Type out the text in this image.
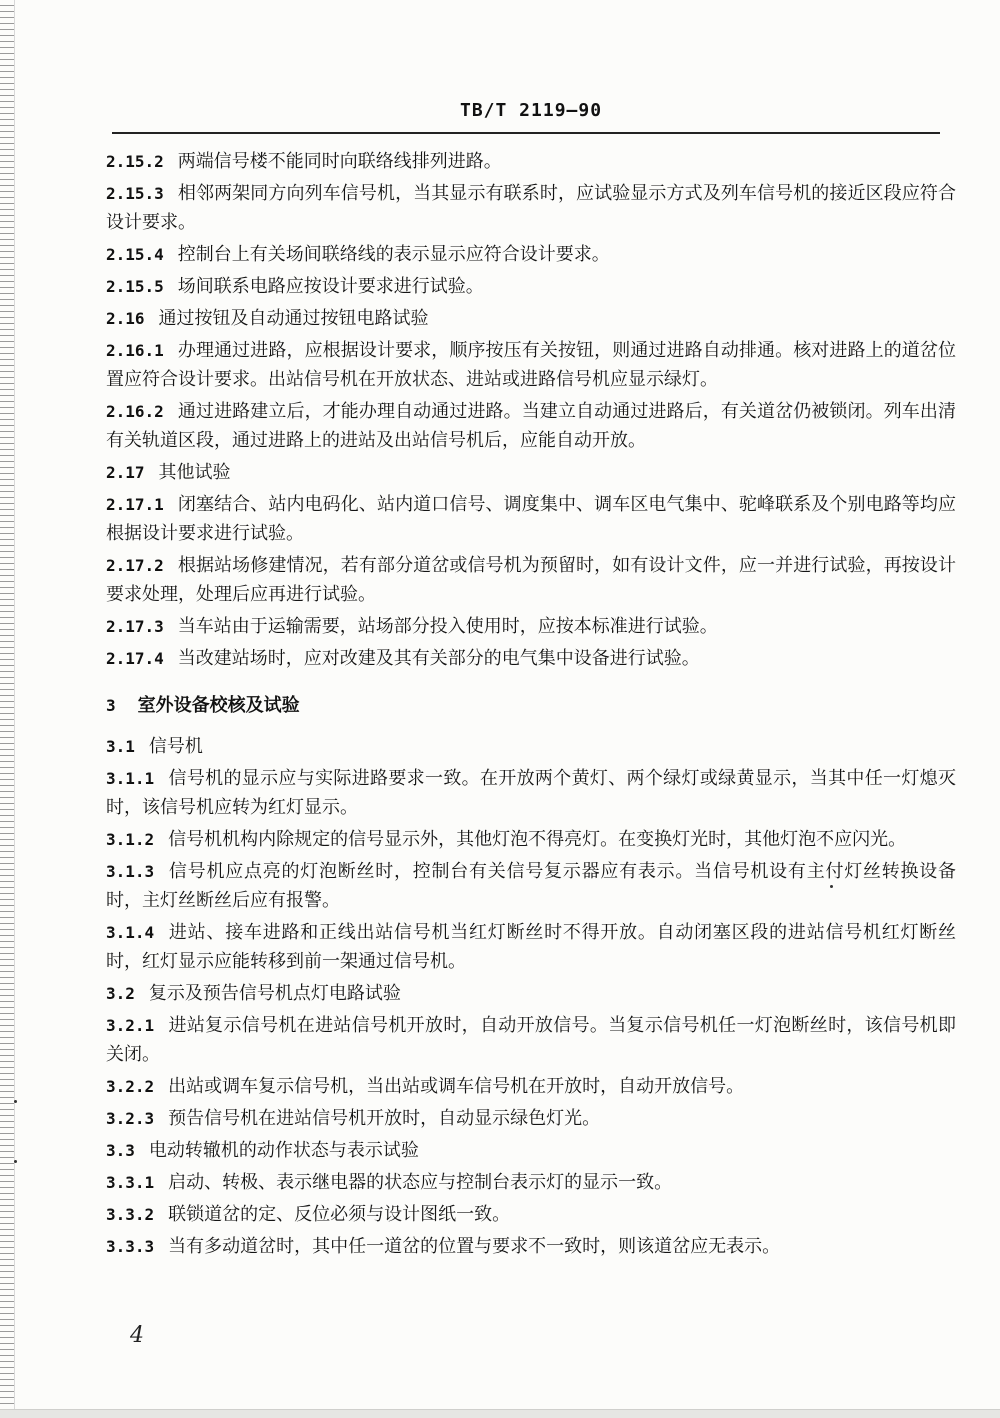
TB/T 2119—90

2.15.2 两端信号楼不能同时向联络线排列进路。

2.15.3 相邻两架同方向列车信号机，当其显示有联系时，应试验显示方式及列车信号机的接近区段应符合设计要求。

2.15.4 控制台上有关场间联络线的表示显示应符合设计要求。

2.15.5 场间联系电路应按设计要求进行试验。

2.16 通过按钮及自动通过按钮电路试验

2.16.1 办理通过进路，应根据设计要求，顺序按压有关按钮，则通过进路自动排通。核对进路上的道岔位置应符合设计要求。出站信号机在开放状态、进站或进路信号机应显示绿灯。

2.16.2 通过进路建立后，才能办理自动通过进路。当建立自动通过进路后，有关道岔仍被锁闭。列车出清有关轨道区段，通过进路上的进站及出站信号机后，应能自动开放。

2.17 其他试验

2.17.1 闭塞结合、站内电码化、站内道口信号、调度集中、调车区电气集中、驼峰联系及个别电路等均应根据设计要求进行试验。

2.17.2 根据站场修建情况，若有部分道岔或信号机为预留时，如有设计文件，应一并进行试验，再按设计要求处理，处理后应再进行试验。

2.17.3 当车站由于运输需要，站场部分投入使用时，应按本标准进行试验。

2.17.4 当改建站场时，应对改建及其有关部分的电气集中设备进行试验。

3 室外设备校核及试验

3.1 信号机

3.1.1 信号机的显示应与实际进路要求一致。在开放两个黄灯、两个绿灯或绿黄显示，当其中任一灯熄灭时，该信号机应转为红灯显示。

3.1.2 信号机机构内除规定的信号显示外，其他灯泡不得亮灯。在变换灯光时，其他灯泡不应闪光。

3.1.3 信号机应点亮的灯泡断丝时，控制台有关信号复示器应有表示。当信号机设有主付灯丝转换设备时，主灯丝断丝后应有报警。

3.1.4 进站、接车进路和正线出站信号机当红灯断丝时不得开放。自动闭塞区段的进站信号机红灯断丝时，红灯显示应能转移到前一架通过信号机。

3.2 复示及预告信号机点灯电路试验

3.2.1 进站复示信号机在进站信号机开放时，自动开放信号。当复示信号机任一灯泡断丝时，该信号机即关闭。

3.2.2 出站或调车复示信号机，当出站或调车信号机在开放时，自动开放信号。

3.2.3 预告信号机在进站信号机开放时，自动显示绿色灯光。

3.3 电动转辙机的动作状态与表示试验

3.3.1 启动、转极、表示继电器的状态应与控制台表示灯的显示一致。

3.3.2 联锁道岔的定、反位必须与设计图纸一致。

3.3.3 当有多动道岔时，其中任一道岔的位置与要求不一致时，则该道岔应无表示。

4
